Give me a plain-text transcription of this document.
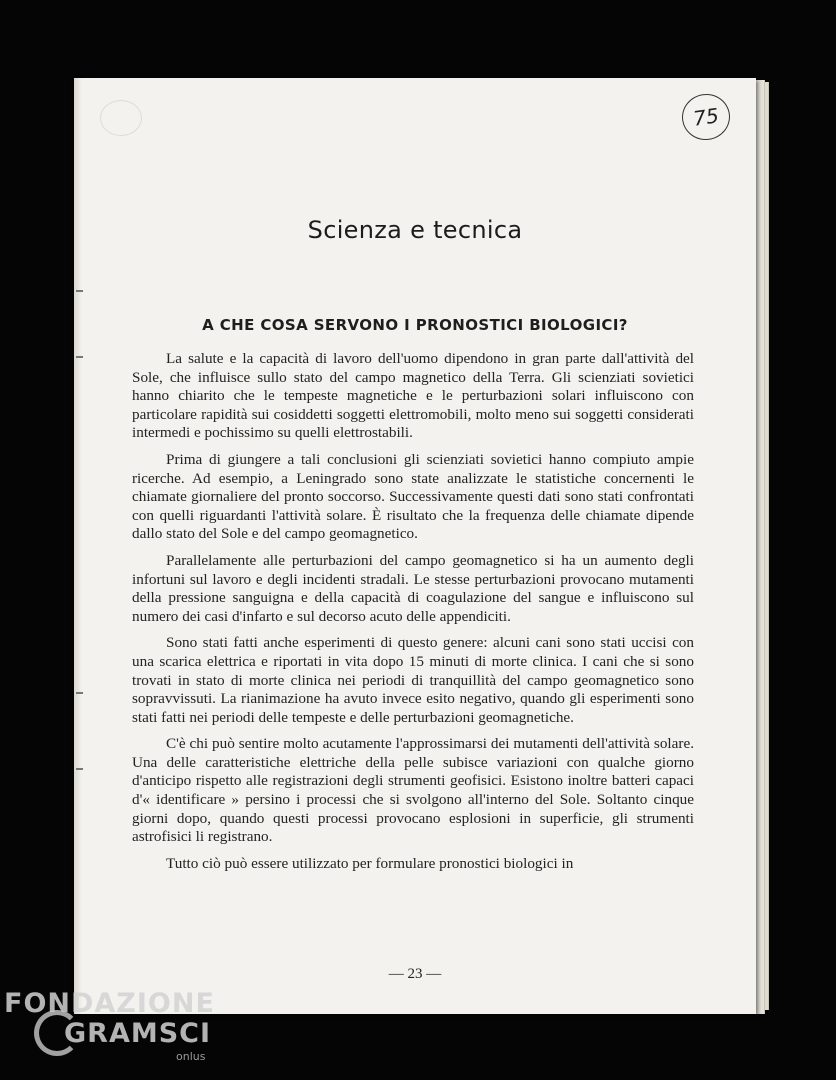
75
Scienza e tecnica
A CHE COSA SERVONO I PRONOSTICI BIOLOGICI?

La salute e la capacità di lavoro dell'uomo dipendono in gran parte dall'attività del Sole, che influisce sullo stato del campo magnetico della Terra. Gli scienziati sovietici hanno chiarito che le tempeste magnetiche e le perturbazioni solari influiscono con particolare rapidità sui cosiddetti soggetti elettromobili, molto meno sui soggetti considerati intermedi e pochissimo su quelli elettrostabili.

Prima di giungere a tali conclusioni gli scienziati sovietici hanno compiuto ampie ricerche. Ad esempio, a Leningrado sono state analizzate le statistiche concernenti le chiamate giornaliere del pronto soccorso. Successivamente questi dati sono stati confrontati con quelli riguardanti l'attività solare. È risultato che la frequenza delle chiamate dipende dallo stato del Sole e del campo geomagnetico.

Parallelamente alle perturbazioni del campo geomagnetico si ha un aumento degli infortuni sul lavoro e degli incidenti stradali. Le stesse perturbazioni provocano mutamenti della pressione sanguigna e della capacità di coagulazione del sangue e influiscono sul numero dei casi d'infarto e sul decorso acuto delle appendiciti.

Sono stati fatti anche esperimenti di questo genere: alcuni cani sono stati uccisi con una scarica elettrica e riportati in vita dopo 15 minuti di morte clinica. I cani che si sono trovati in stato di morte clinica nei periodi di tranquillità del campo geomagnetico sono sopravvissuti. La rianimazione ha avuto invece esito negativo, quando gli esperimenti sono stati fatti nei periodi delle tempeste e delle perturbazioni geomagnetiche.

C'è chi può sentire molto acutamente l'approssimarsi dei mutamenti dell'attività solare. Una delle caratteristiche elettriche della pelle subisce variazioni con qualche giorno d'anticipo rispetto alle registrazioni degli strumenti geofisici. Esistono inoltre batteri capaci d'« identificare » persino i processi che si svolgono all'interno del Sole. Soltanto cinque giorni dopo, quando questi processi provocano esplosioni in superficie, gli strumenti astrofisici li registrano.

Tutto ciò può essere utilizzato per formulare pronostici biologici in

— 23 —
FONDAZIONE
GRAMSCI
onlus
